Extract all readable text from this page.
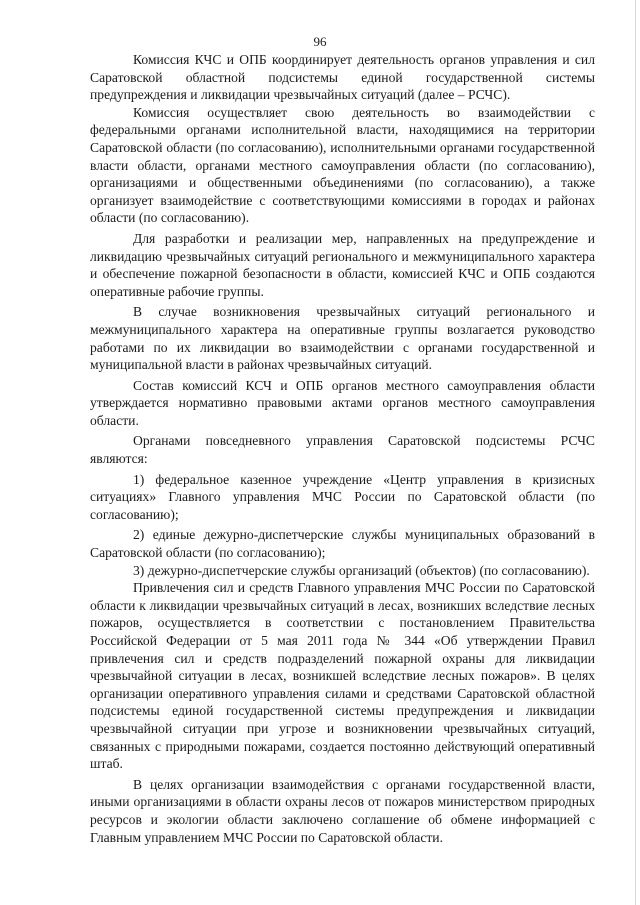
96

Комиссия КЧС и ОПБ координирует деятельность органов управления и сил Саратовской областной подсистемы единой государственной системы предупреждения и ликвидации чрезвычайных ситуаций (далее – РСЧС).

Комиссия осуществляет свою деятельность во взаимодействии с федеральными органами исполнительной власти, находящимися на территории Саратовской области (по согласованию), исполнительными органами государственной власти области, органами местного самоуправления области (по согласованию), организациями и общественными объединениями (по согласованию), а также организует взаимодействие с соответствующими комиссиями в городах и районах области (по согласованию).

Для разработки и реализации мер, направленных на предупреждение и ликвидацию чрезвычайных ситуаций регионального и межмуниципального характера и обеспечение пожарной безопасности в области, комиссией КЧС и ОПБ создаются оперативные рабочие группы.

В случае возникновения чрезвычайных ситуаций регионального и межмуниципального характера на оперативные группы возлагается руководство работами по их ликвидации во взаимодействии с органами государственной и муниципальной власти в районах чрезвычайных ситуаций.

Состав комиссий КСЧ и ОПБ органов местного самоуправления области утверждается нормативно правовыми актами органов местного самоуправления области.

Органами повседневного управления Саратовской подсистемы РСЧС являются:

1) федеральное казенное учреждение «Центр управления в кризисных ситуациях» Главного управления МЧС России по Саратовской области (по согласованию);

2) единые дежурно-диспетчерские службы муниципальных образований в Саратовской области (по согласованию);

3) дежурно-диспетчерские службы организаций (объектов) (по согласованию).

Привлечения сил и средств Главного управления МЧС России по Саратовской области к ликвидации чрезвычайных ситуаций в лесах, возникших вследствие лесных пожаров, осуществляется в соответствии с постановлением Правительства Российской Федерации от 5 мая 2011 года № 344 «Об утверждении Правил привлечения сил и средств подразделений пожарной охраны для ликвидации чрезвычайной ситуации в лесах, возникшей вследствие лесных пожаров». В целях организации оперативного управления силами и средствами Саратовской областной подсистемы единой государственной системы предупреждения и ликвидации чрезвычайной ситуации при угрозе и возникновении чрезвычайных ситуаций, связанных с природными пожарами, создается постоянно действующий оперативный штаб.

В целях организации взаимодействия с органами государственной власти, иными организациями в области охраны лесов от пожаров министерством природных ресурсов и экологии области заключено соглашение об обмене информацией с Главным управлением МЧС России по Саратовской области.
